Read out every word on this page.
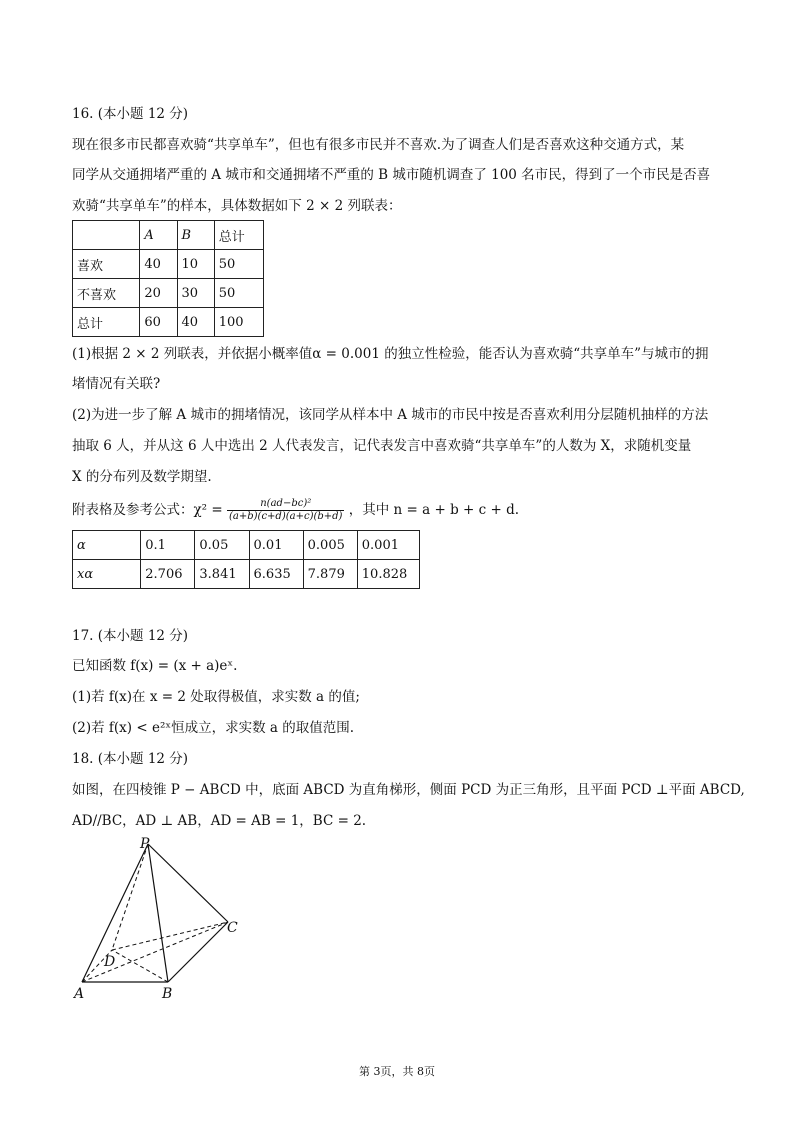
16. (本小题 12 分)
现在很多市民都喜欢骑“共享单车”，但也有很多市民并不喜欢.为了调查人们是否喜欢这种交通方式，某
同学从交通拥堵严重的 A 城市和交通拥堵不严重的 B 城市随机调查了 100 名市民，得到了一个市民是否喜
欢骑“共享单车”的样本，具体数据如下 2 × 2 列联表：
	A	B	总计
喜欢	40	10	50
不喜欢	20	30	50
总计	60	40	100
(1)根据 2 × 2 列联表，并依据小概率值α = 0.001 的独立性检验，能否认为喜欢骑“共享单车”与城市的拥
堵情况有关联?
(2)为进一步了解 A 城市的拥堵情况，该同学从样本中 A 城市的市民中按是否喜欢利用分层随机抽样的方法
抽取 6 人，并从这 6 人中选出 2 人代表发言，记代表发言中喜欢骑“共享单车”的人数为 X，求随机变量
X 的分布列及数学期望.
附表格及参考公式：$\chi^2 = \frac{\text{n(ad−bc)²}}{(a+b)(c+d)(a+c)(b+d)}$ ，其中 n = a + b + c + d.
α	0.1	0.05	0.01	0.005	0.001
xα	2.706	3.841	6.635	7.879	10.828
17. (本小题 12 分)
已知函数 f(x) = (x + a)eˣ.
(1)若 f(x)在 x = 2 处取得极值，求实数 a 的值;
(2)若 f(x) < e²ˣ恒成立，求实数 a 的取值范围.
18. (本小题 12 分)
如图，在四棱锥 P − ABCD 中，底面 ABCD 为直角梯形，侧面 PCD 为正三角形，且平面 PCD ⊥平面 ABCD,
AD//BC，AD ⊥ AB，AD = AB = 1，BC = 2.
P
A	B
C
D
第 3页，共 8页
